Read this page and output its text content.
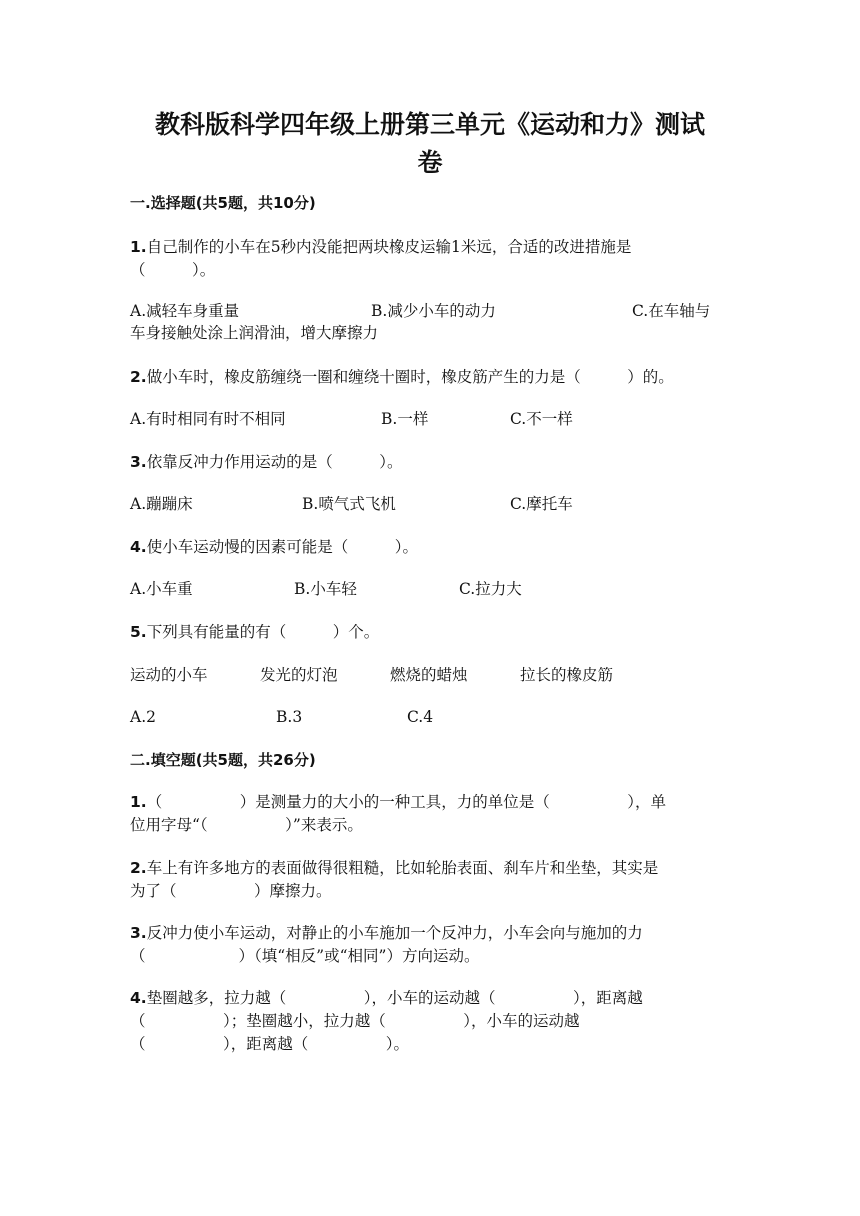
教科版科学四年级上册第三单元《运动和力》测试
卷
一.选择题(共5题，共10分)
1.自己制作的小车在5秒内没能把两块橡皮运输1米远，合适的改进措施是
（　　　）。
A.减轻车身重量	B.减少小车的动力	C.在车轴与
车身接触处涂上润滑油，增大摩擦力
2.做小车时，橡皮筋缠绕一圈和缠绕十圈时，橡皮筋产生的力是（　　　）的。
A.有时相同有时不相同	B.一样	C.不一样
3.依靠反冲力作用运动的是（　　　）。
A.蹦蹦床	B.喷气式飞机	C.摩托车
4.使小车运动慢的因素可能是（　　　）。
A.小车重	B.小车轻	C.拉力大
5.下列具有能量的有（　　　）个。
运动的小车	发光的灯泡	燃烧的蜡烛	拉长的橡皮筋
A.2	B.3	C.4
二.填空题(共5题，共26分)
1.（　　　　　）是测量力的大小的一种工具，力的单位是（　　　　　），单
位用字母“（　　　　　）”来表示。
2.车上有许多地方的表面做得很粗糙，比如轮胎表面、刹车片和坐垫，其实是
为了（　　　　　）摩擦力。
3.反冲力使小车运动，对静止的小车施加一个反冲力，小车会向与施加的力
（　　　　　　）（填“相反”或“相同”）方向运动。
4.垫圈越多，拉力越（　　　　　），小车的运动越（　　　　　），距离越
（　　　　　）；垫圈越小，拉力越（　　　　　），小车的运动越
（　　　　　），距离越（　　　　　）。
